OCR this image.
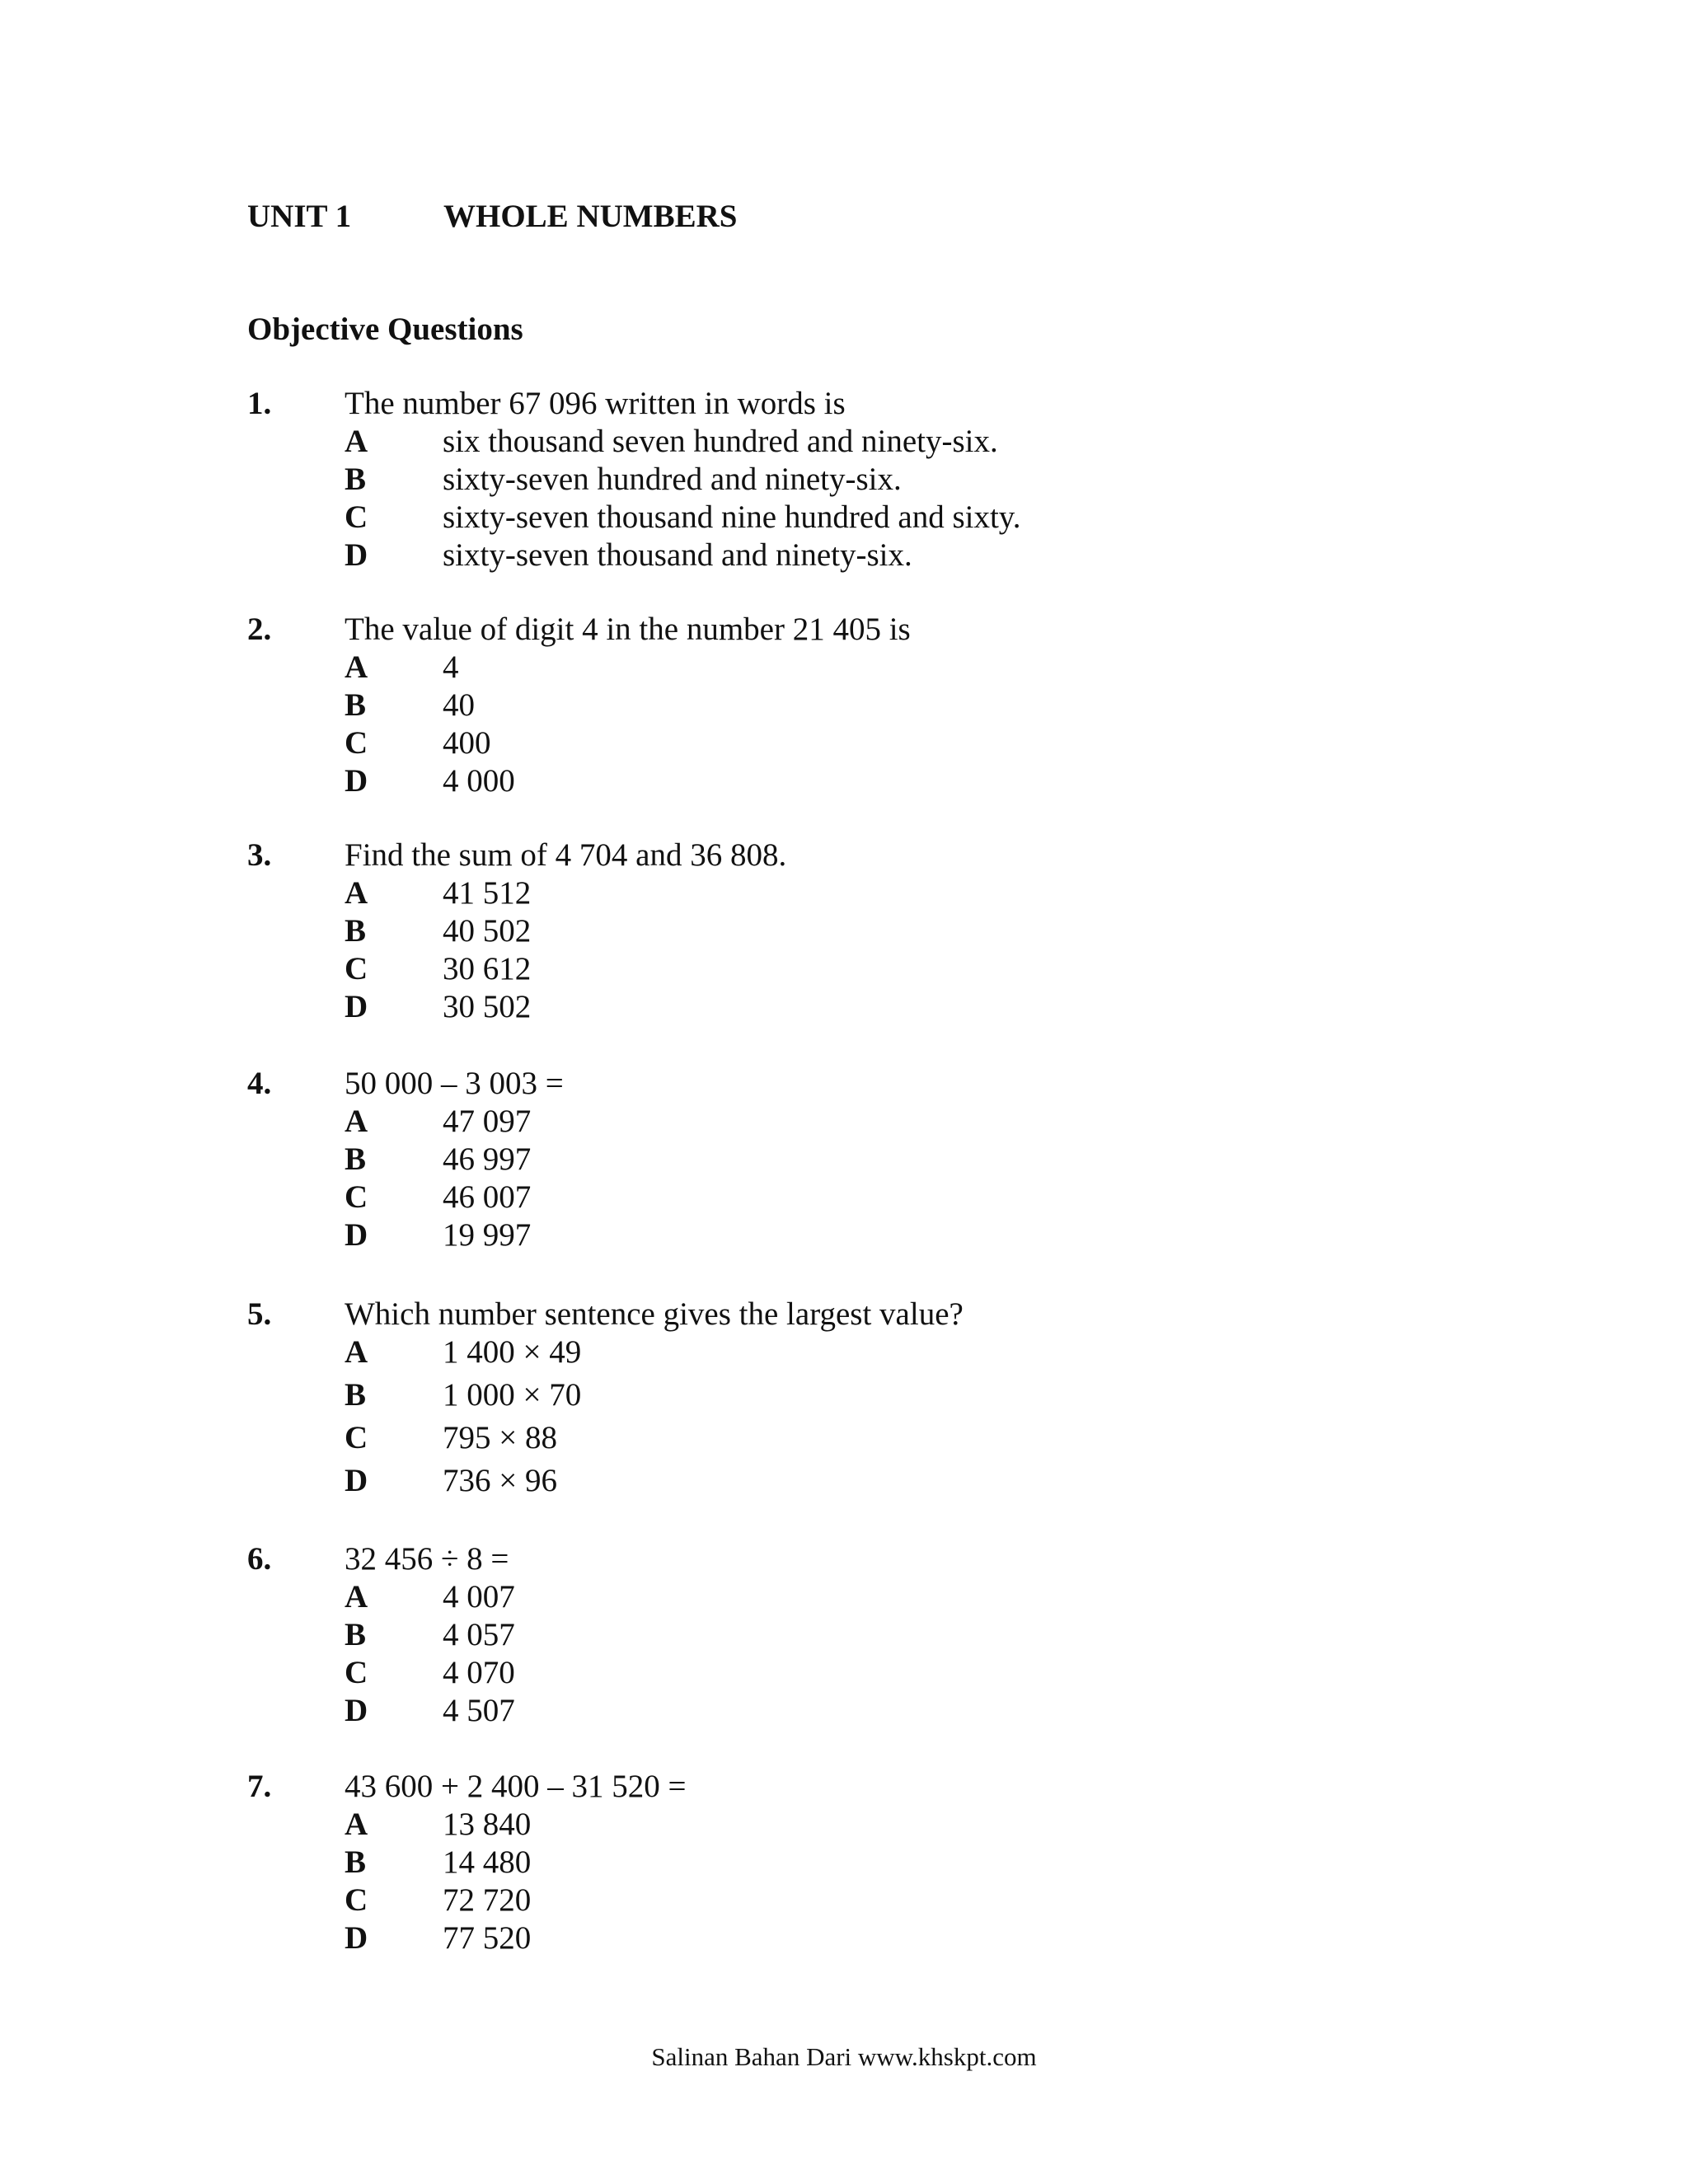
UNIT 1	WHOLE NUMBERS
Objective Questions
1. The number 67 096 written in words is
A six thousand seven hundred and ninety-six.
B sixty-seven hundred and ninety-six.
C sixty-seven thousand nine hundred and sixty.
D sixty-seven thousand and ninety-six.
2. The value of digit 4 in the number 21 405 is
A 4
B 40
C 400
D 4 000
3. Find the sum of 4 704 and 36 808.
A 41 512
B 40 502
C 30 612
D 30 502
4. 50 000 – 3 003 =
A 47 097
B 46 997
C 46 007
D 19 997
5. Which number sentence gives the largest value?
A 1 400 × 49
B 1 000 × 70
C 795 × 88
D 736 × 96
6. 32 456 ÷ 8 =
A 4 007
B 4 057
C 4 070
D 4 507
7. 43 600 + 2 400 – 31 520 =
A 13 840
B 14 480
C 72 720
D 77 520
Salinan Bahan Dari www.khskpt.com
